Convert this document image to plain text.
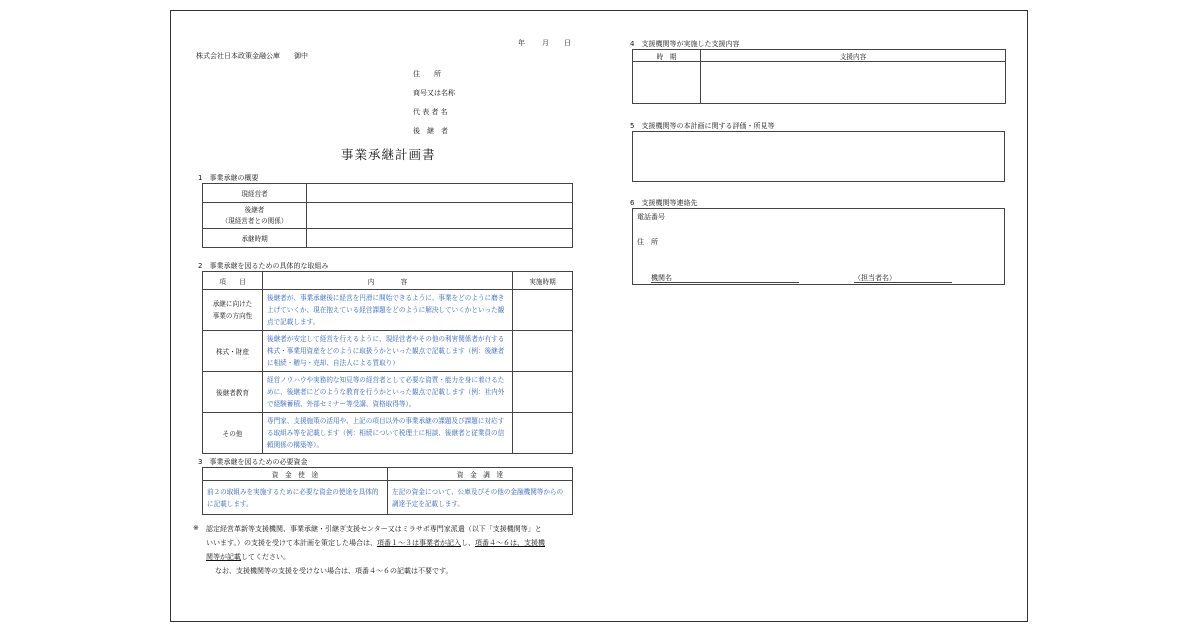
年 月 日
株式会社日本政策金融公庫　　御中
住　　所
商号又は名称
代 表 者 名
後　継　者
事業承継計画書
1　事業承継の概要
現経営者	

後継者
（現経営者との関係）	

承継時期	
2　事業承継を図るための具体的な取組み
項　　目	内　　　　容	実施時期

承継に向けた
事業の方向性	後継者が、事業承継後に経営を円滑に開始できるように、事業をどのように磨き上げていくか、現在抱えている経営課題をどのように解決していくかといった観点で記載します。	
株式・財産	後継者が安定して経営を行えるように、現経営者やその他の利害関係者が有する株式・事業用資産をどのように取扱うかといった観点で記載します（例：後継者に相続・贈与・売却、自法人による買取り）	
後継者教育	経営ノウハウや実務的な知見等の経営者として必要な資質・能力を身に着けるために、後継者にどのような教育を行うかといった観点で記載します（例：社内外で経験蓄積、外部セミナー等受講、資格取得等）。	
その他	専門家、支援施策の活用や、上記の項目以外の事業承継の課題及び課題に対応する取組み等を記載します（例：相続について税理士に相談、後継者と従業員の信頼関係の構築等）。	
3　事業承継を図るための必要資金
資　金　使　途	資　金　調　達
前２の取組みを実施するために必要な資金の使途を具体的に記載します。	左記の資金について、公庫及びその他の金融機関等からの調達予定を記載します。
※ 認定経営革新等支援機関、事業承継・引継ぎ支援センター又はミラサポ専門家派遣（以下「支援機関等」と
いいます。）の支援を受けて本計画を策定した場合は、項番１～３は事業者が記入し、項番４～６は、支援機
関等が記載してください。
なお、支援機関等の支援を受けない場合は、項番４～６の記載は不要です。
4　支援機関等が実施した支援内容
時　期	支援内容

5　支援機関等の本計画に関する評価・所見等
6　支援機関等連絡先
電話番号
住　所
機関名	（担当者名）
